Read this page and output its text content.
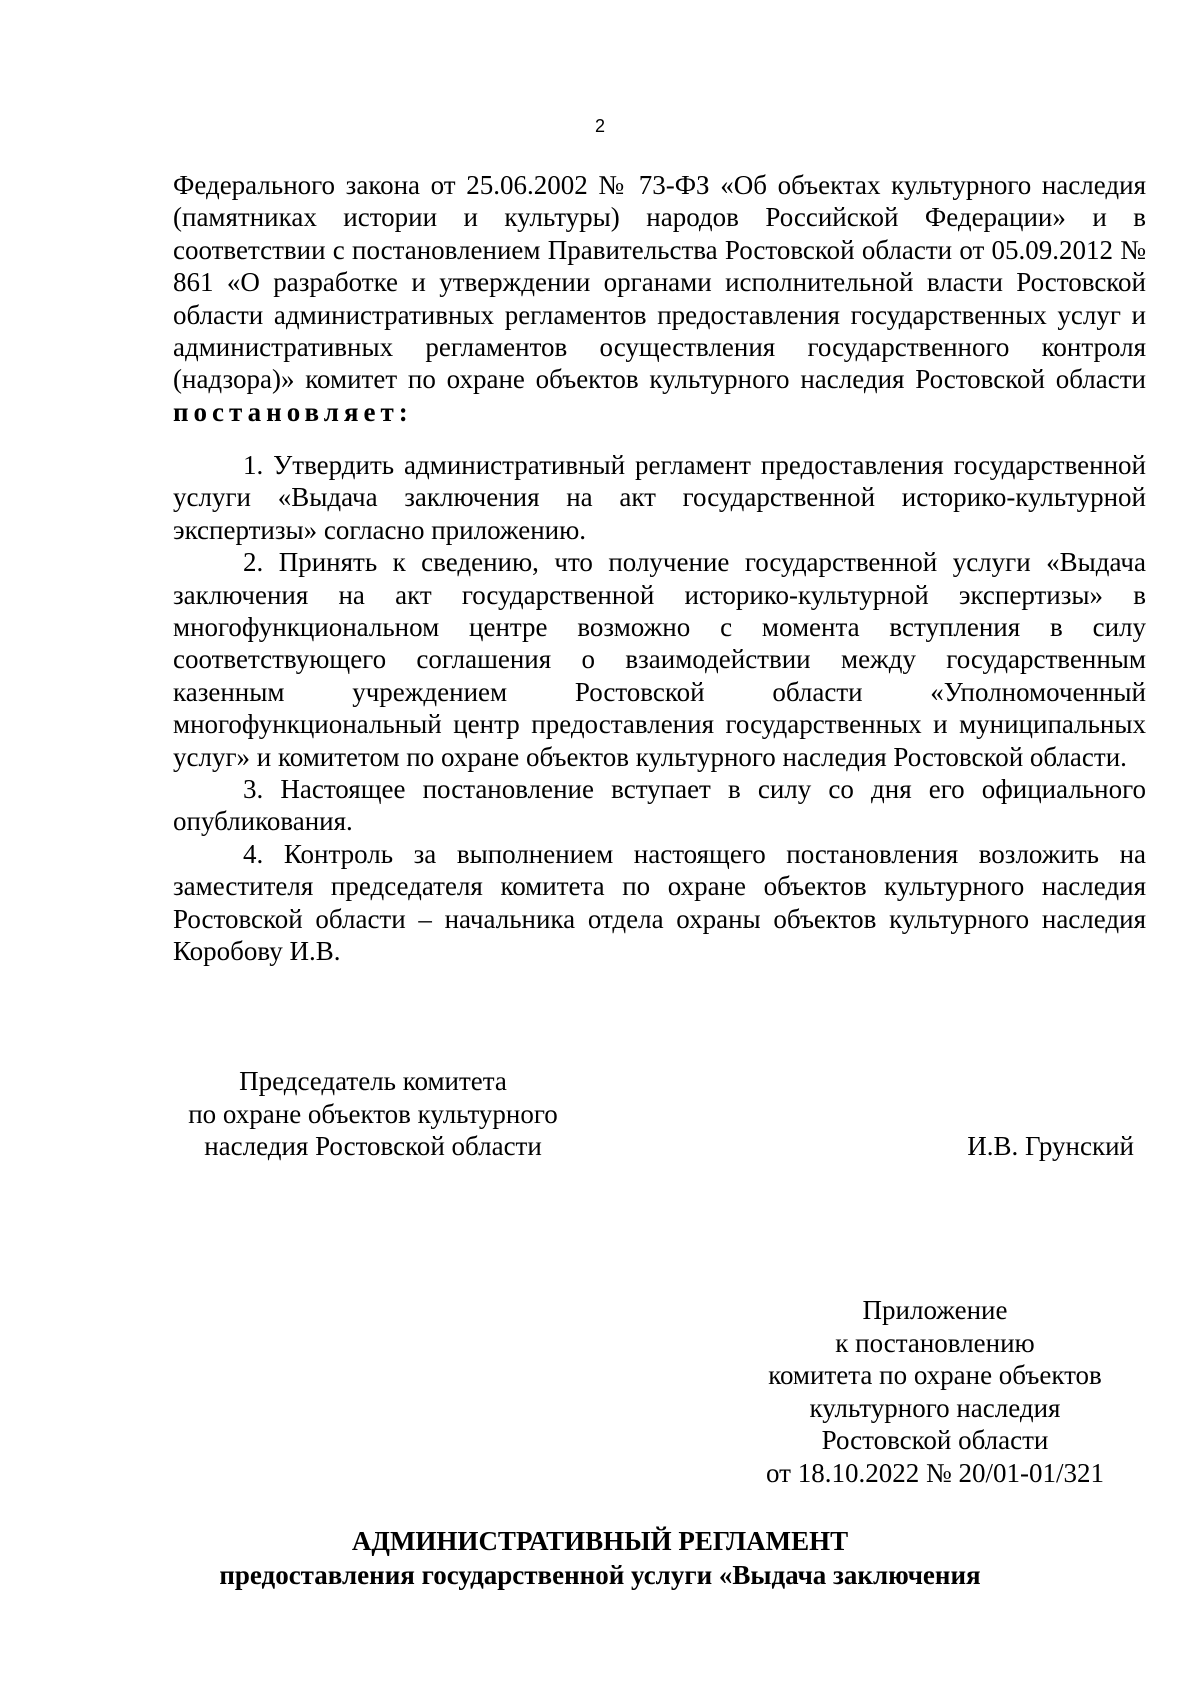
2

Федерального закона от 25.06.2002 № 73-ФЗ «Об объектах культурного наследия (памятниках истории и культуры) народов Российской Федерации» и в соответствии с постановлением Правительства Ростовской области от 05.09.2012 № 861 «О разработке и утверждении органами исполнительной власти Ростовской области административных регламентов предоставления государственных услуг и административных регламентов осуществления государственного контроля (надзора)» комитет по охране объектов культурного наследия Ростовской области постановляет:

1. Утвердить административный регламент предоставления государственной услуги «Выдача заключения на акт государственной историко-культурной экспертизы» согласно приложению.

2. Принять к сведению, что получение государственной услуги «Выдача заключения на акт государственной историко-культурной экспертизы» в многофункциональном центре возможно с момента вступления в силу соответствующего соглашения о взаимодействии между государственным казенным учреждением Ростовской области «Уполномоченный многофункциональный центр предоставления государственных и муниципальных услуг» и комитетом по охране объектов культурного наследия Ростовской области.

3. Настоящее постановление вступает в силу со дня его официального опубликования.

4. Контроль за выполнением настоящего постановления возложить на заместителя председателя комитета по охране объектов культурного наследия Ростовской области – начальника отдела охраны объектов культурного наследия Коробову И.В.

Председатель комитета
по охране объектов культурного
наследия Ростовской области	И.В. Грунский
Приложение
к постановлению
комитета по охране объектов
культурного наследия
Ростовской области
от 18.10.2022 № 20/01-01/321
АДМИНИСТРАТИВНЫЙ РЕГЛАМЕНТ
предоставления государственной услуги «Выдача заключения
